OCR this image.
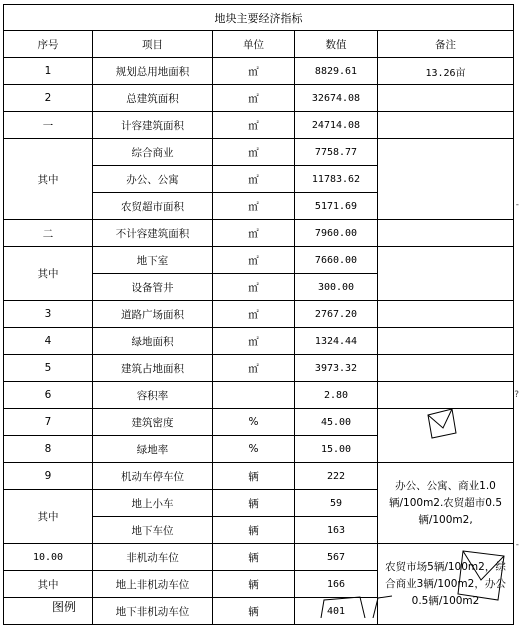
地块主要经济指标				
序号	项目	单位	数值	备注
1	规划总用地面积	㎡	8829.61	13.26亩
2	总建筑面积	㎡	32674.08	
一	计容建筑面积	㎡	24714.08	
其中	综合商业	㎡	7758.77	
	办公、公寓	㎡	11783.62	
	农贸超市面积	㎡	5171.69	
二	不计容建筑面积	㎡	7960.00	
其中	地下室	㎡	7660.00	
	设备管井	㎡	300.00	
3	道路广场面积	㎡	2767.20	
4	绿地面积	㎡	1324.44	
5	建筑占地面积	㎡	3973.32	
6	容积率		2.80	
7	建筑密度	%	45.00	
8	绿地率	%	15.00	
9	机动车停车位	辆	222	办公、公寓、商业1.0辆/100m2.农贸超市0.5辆/100m2,
其中	地上小车	辆	59	
	地下车位	辆	163	
10.00	非机动车位	辆	567	农贸市场5辆/100m2，综合商业3辆/100m2，办公0.5辆/100m2
其中	地上非机动车位	辆	166	
	地下非机动车位	辆	401	
图例
-
?
-
